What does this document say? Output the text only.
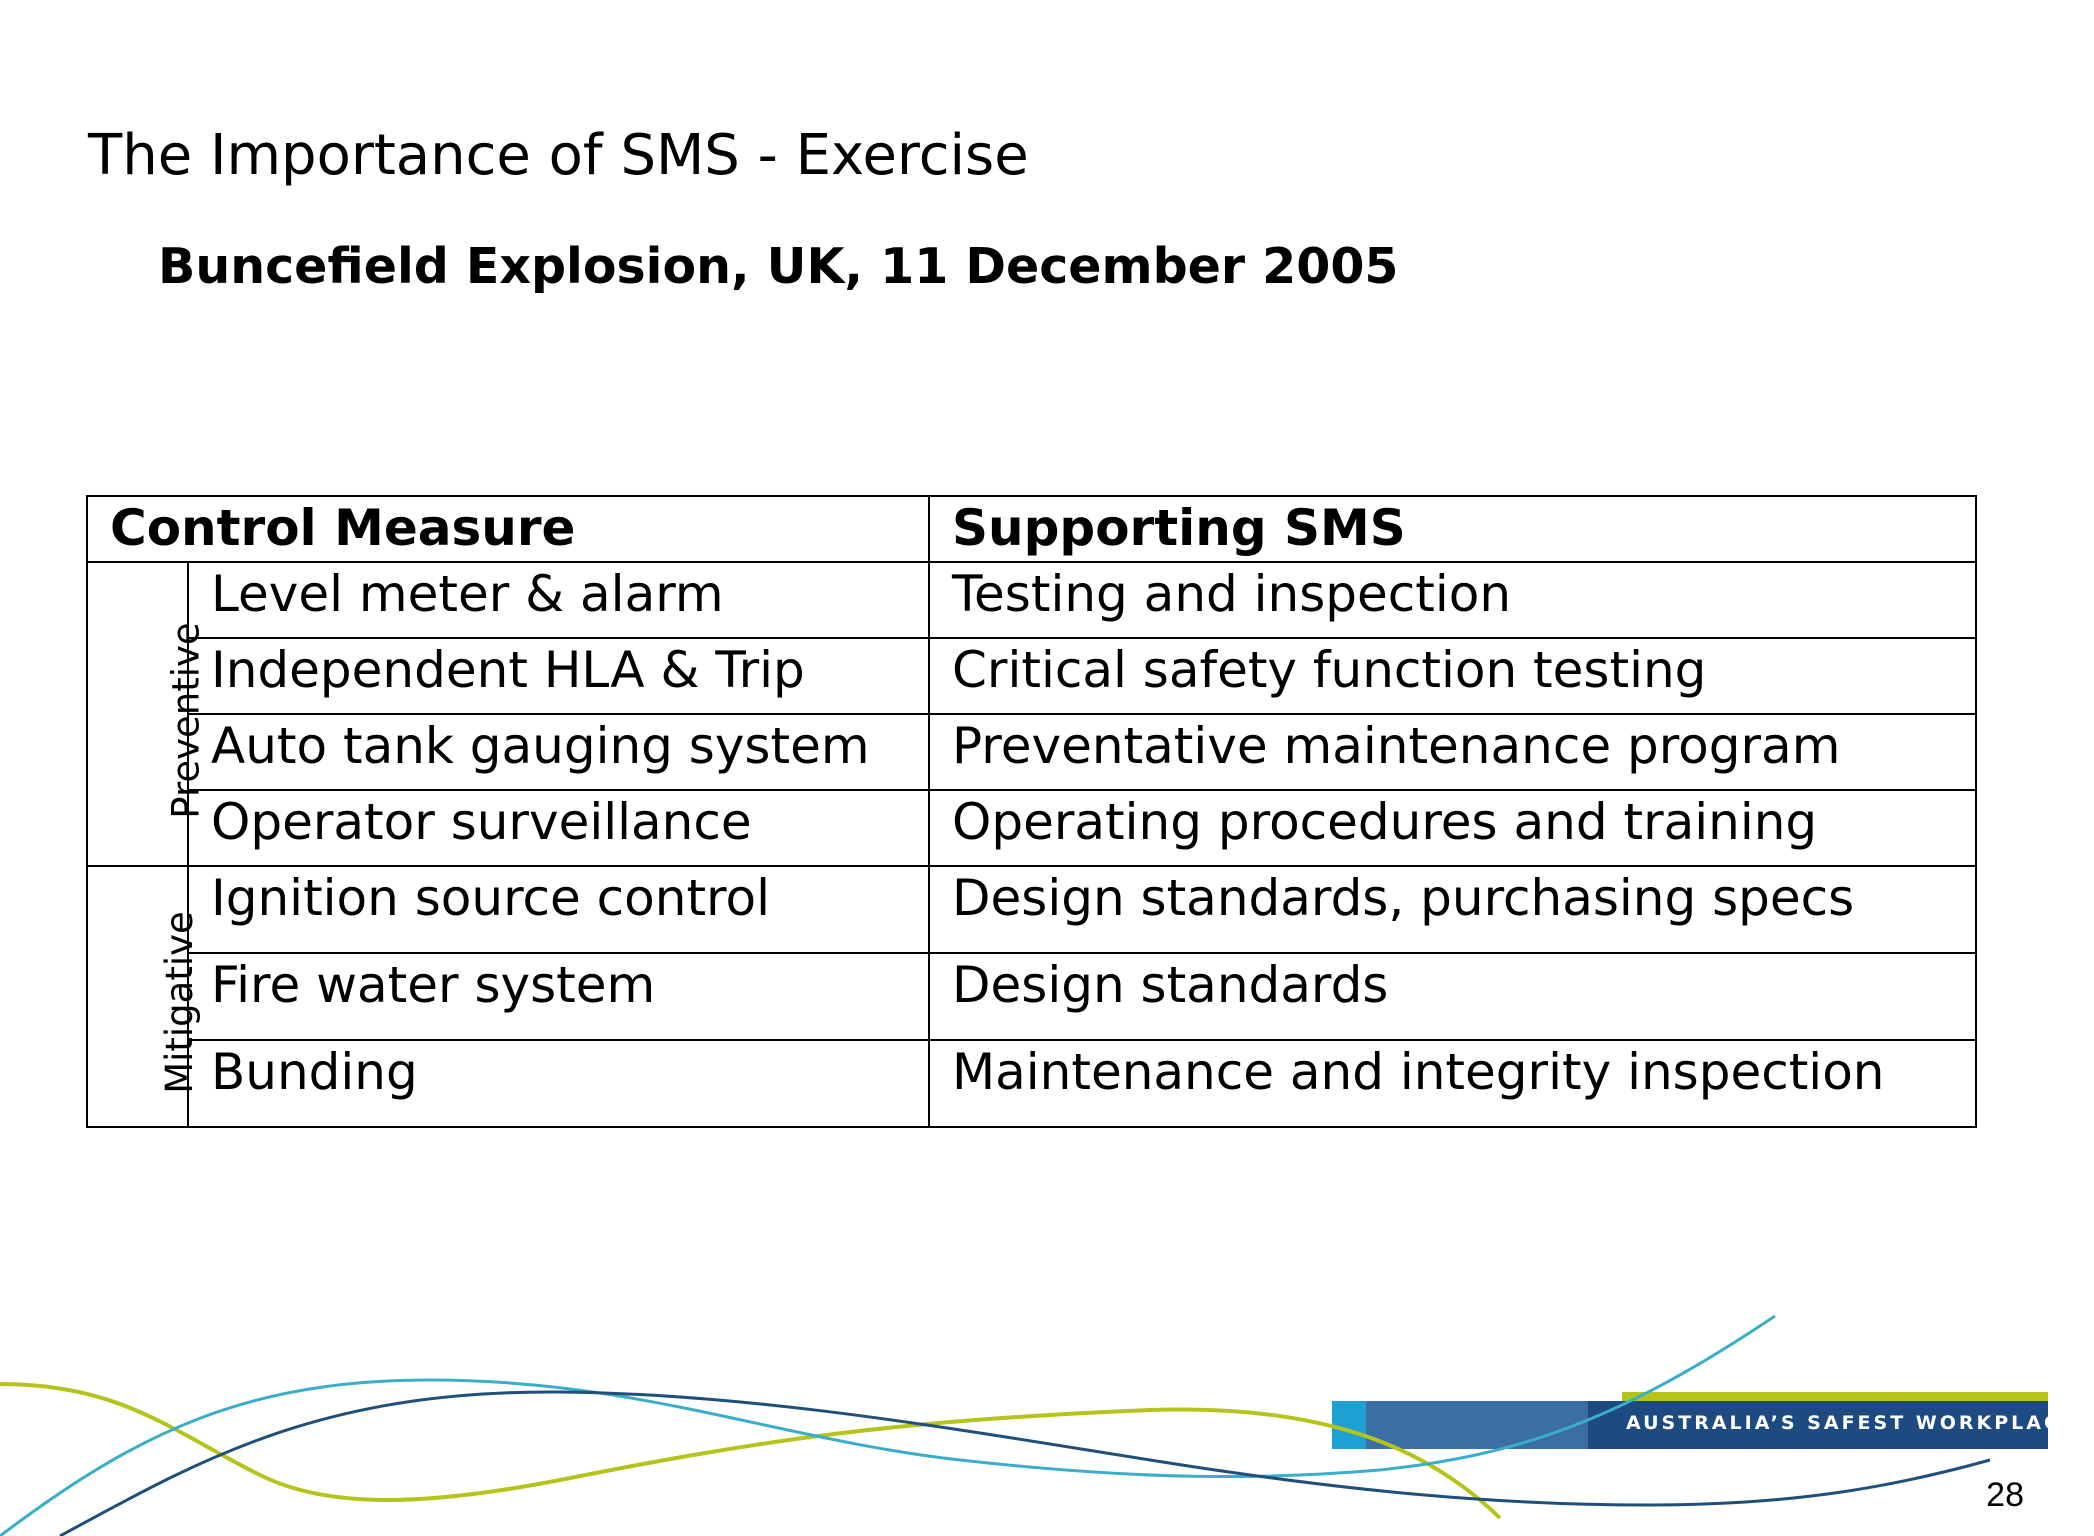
The Importance of SMS - Exercise
Buncefield Explosion, UK, 11 December 2005
Control Measure		Supporting SMS
Preventive	Level meter & alarm	Testing and inspection
	Independent HLA & Trip	Critical safety function testing
	Auto tank gauging system	Preventative maintenance program
	Operator surveillance	Operating procedures and training
Mitigative	Ignition source control	Design standards, purchasing specs
	Fire water system	Design standards
	Bunding	Maintenance and integrity inspection
AUSTRALIA’S SAFEST WORKPLACES
28
